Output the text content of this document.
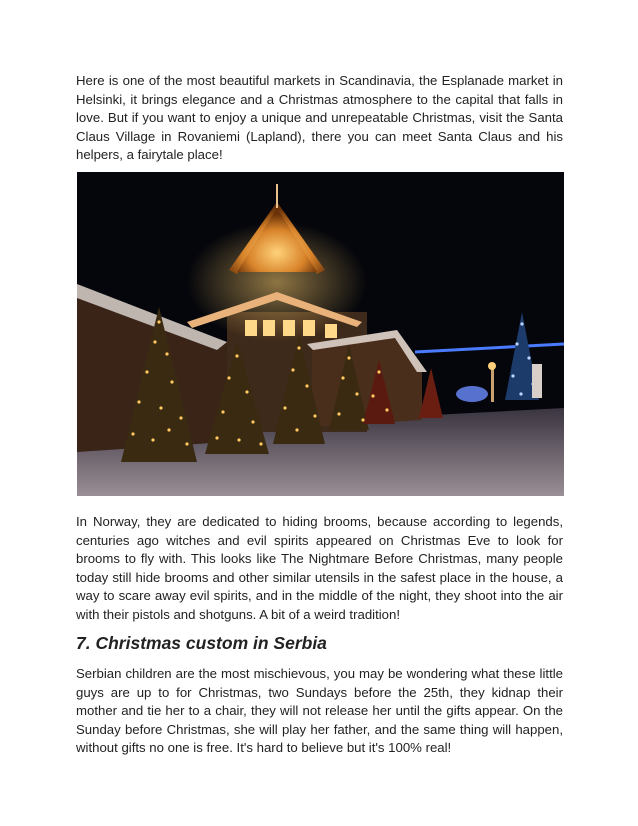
Here is one of the most beautiful markets in Scandinavia, the Esplanade market in Helsinki, it brings elegance and a Christmas atmosphere to the capital that falls in love. But if you want to enjoy a unique and unrepeatable Christmas, visit the Santa Claus Village in Rovaniemi (Lapland), there you can meet Santa Claus and his helpers, a fairytale place!

In Norway, they are dedicated to hiding brooms, because according to legends, centuries ago witches and evil spirits appeared on Christmas Eve to look for brooms to fly with. This looks like The Nightmare Before Christmas, many people today still hide brooms and other similar utensils in the safest place in the house, a way to scare away evil spirits, and in the middle of the night, they shoot into the air with their pistols and shotguns. A bit of a weird tradition!

7. Christmas custom in Serbia

Serbian children are the most mischievous, you may be wondering what these little guys are up to for Christmas, two Sundays before the 25th, they kidnap their mother and tie her to a chair, they will not release her until the gifts appear. On the Sunday before Christmas, she will play her father, and the same thing will happen, without gifts no one is free. It's hard to believe but it's 100% real!
